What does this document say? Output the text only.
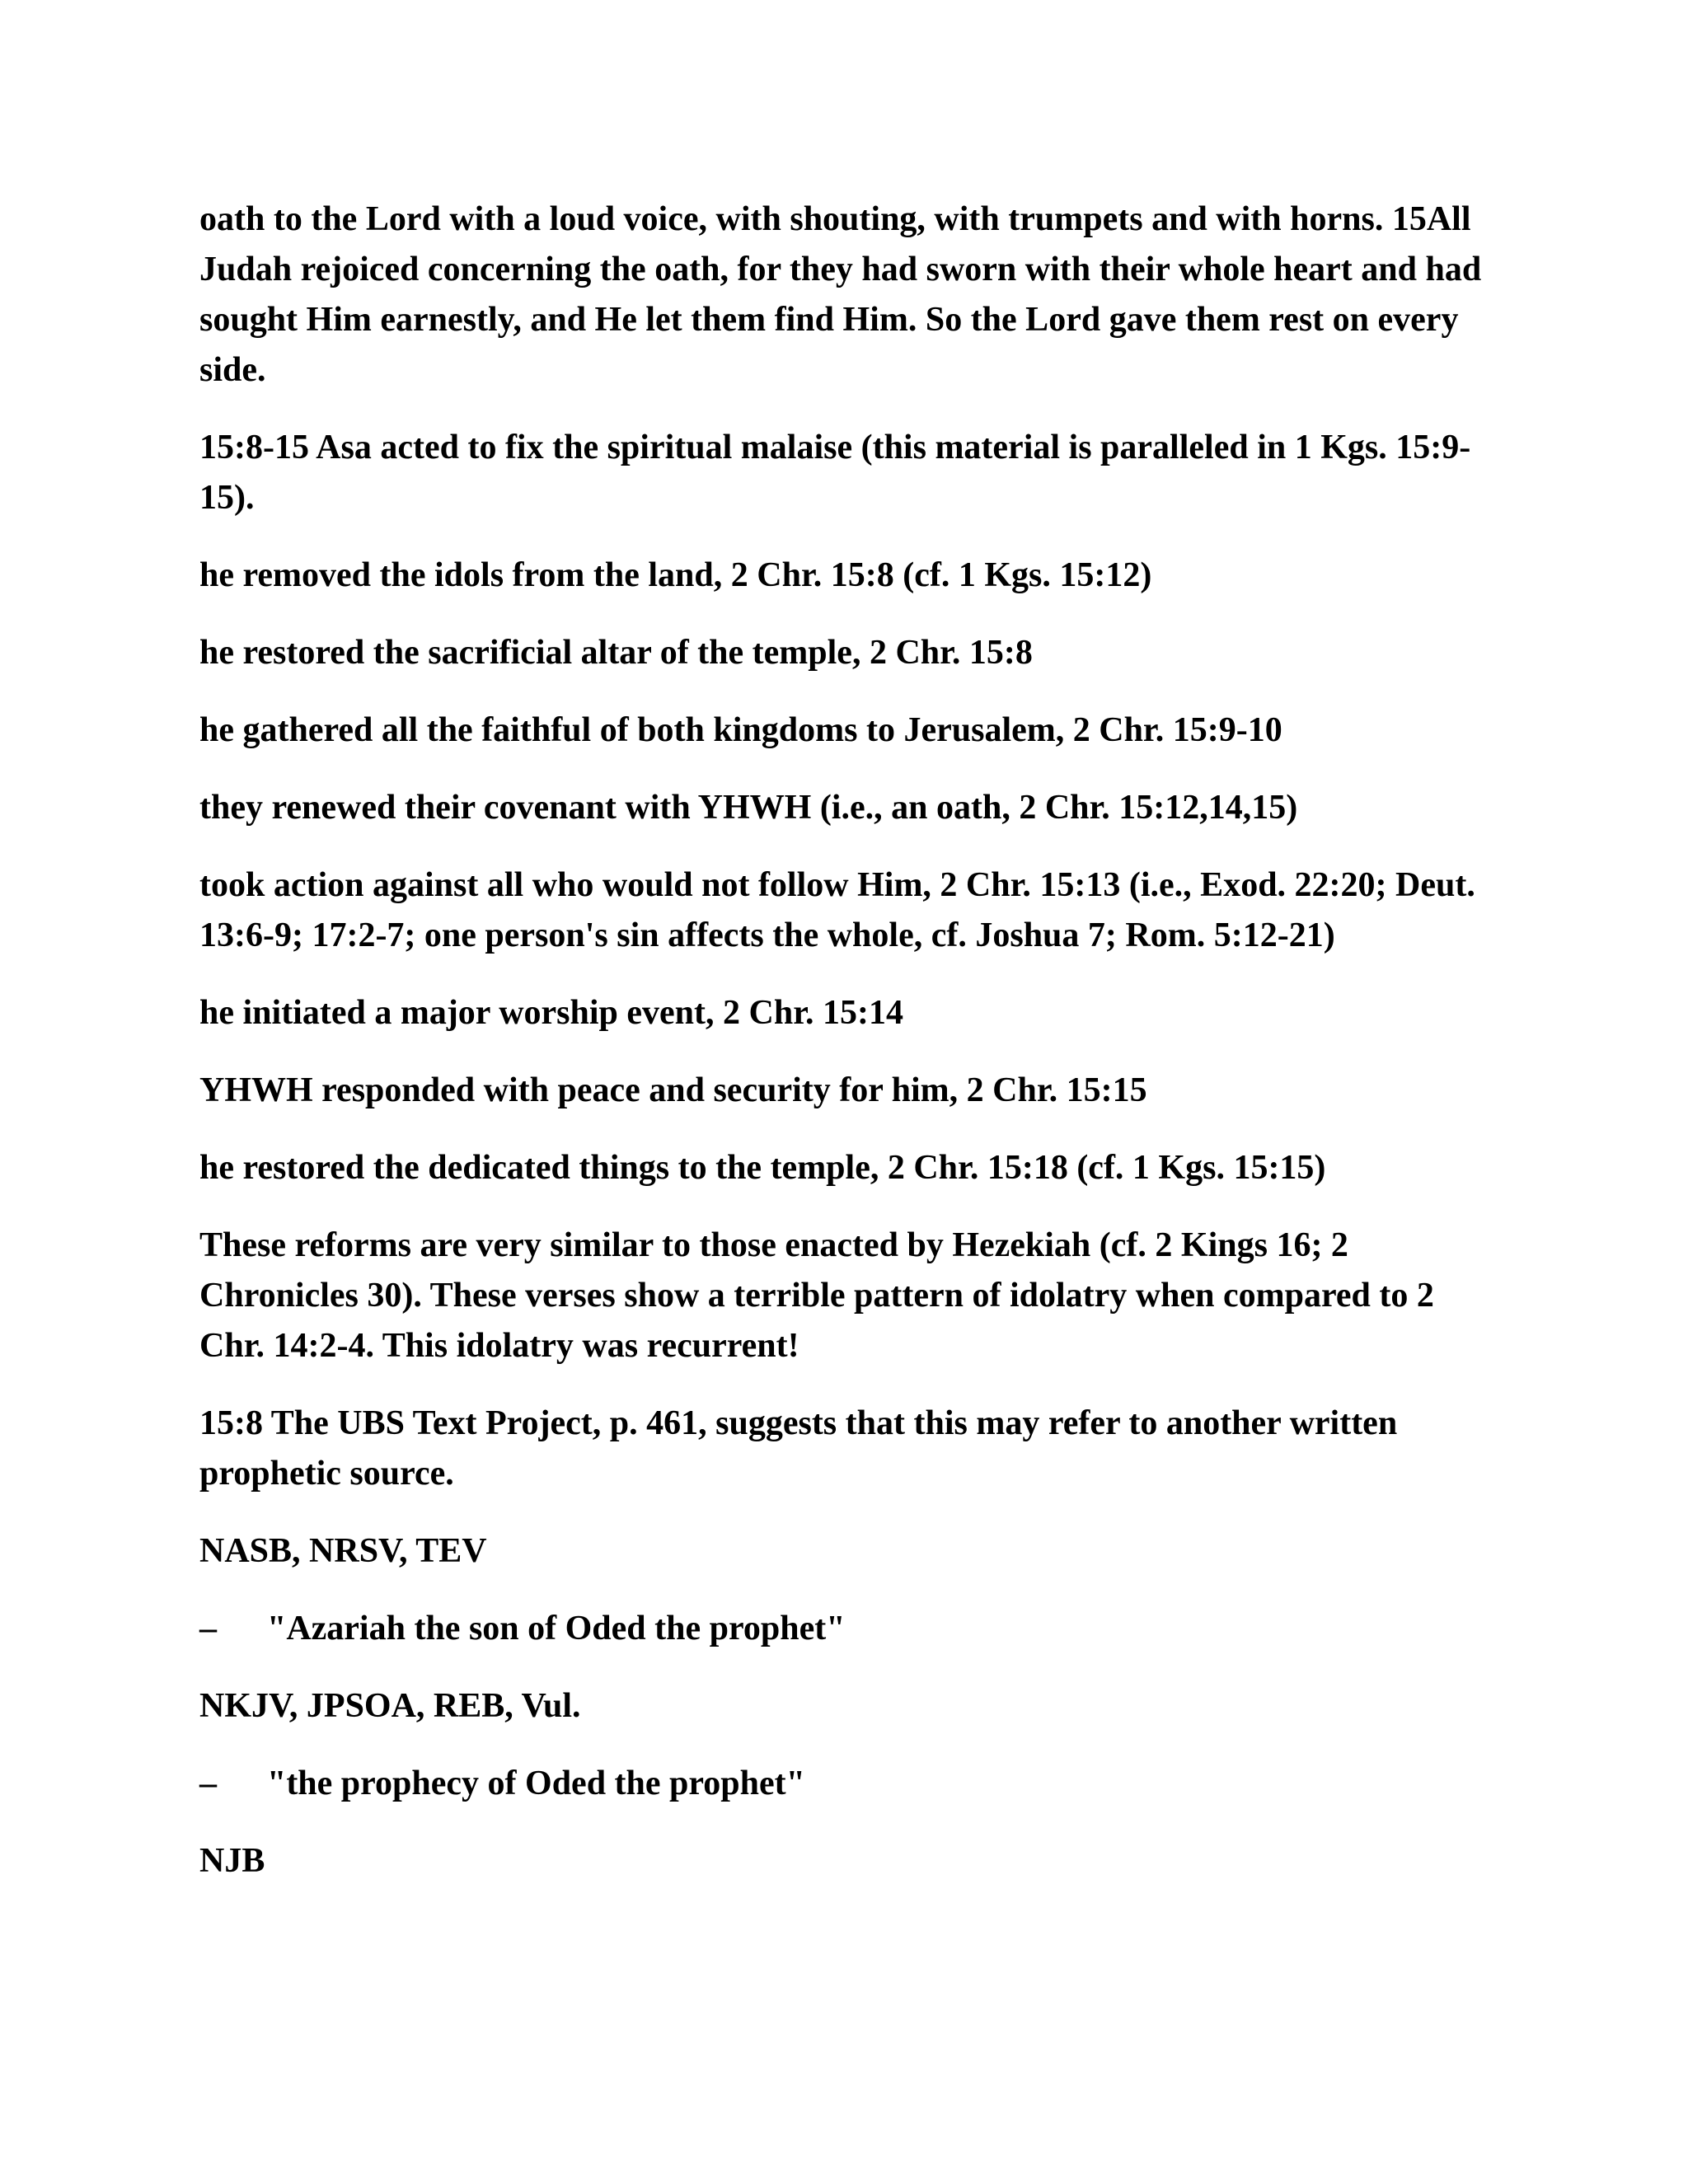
oath to the Lord with a loud voice, with shouting, with trumpets and with horns. 15All Judah rejoiced concerning the oath, for they had sworn with their whole heart and had sought Him earnestly, and He let them find Him. So the Lord gave them rest on every side.

15:8-15 Asa acted to fix the spiritual malaise (this material is paralleled in 1 Kgs. 15:9-15).

he removed the idols from the land, 2 Chr. 15:8 (cf. 1 Kgs. 15:12)

he restored the sacrificial altar of the temple, 2 Chr. 15:8

he gathered all the faithful of both kingdoms to Jerusalem, 2 Chr. 15:9-10

they renewed their covenant with YHWH (i.e., an oath, 2 Chr. 15:12,14,15)

took action against all who would not follow Him, 2 Chr. 15:13 (i.e., Exod. 22:20; Deut. 13:6-9; 17:2-7; one person's sin affects the whole, cf. Joshua 7; Rom. 5:12-21)

he initiated a major worship event, 2 Chr. 15:14

YHWH responded with peace and security for him, 2 Chr. 15:15

he restored the dedicated things to the temple, 2 Chr. 15:18 (cf. 1 Kgs. 15:15)

These reforms are very similar to those enacted by Hezekiah (cf. 2 Kings 16; 2 Chronicles 30). These verses show a terrible pattern of idolatry when compared to 2 Chr. 14:2-4. This idolatry was recurrent!

15:8 The UBS Text Project, p. 461, suggests that this may refer to another written prophetic source.

NASB, NRSV, TEV

–	"Azariah the son of Oded the prophet"

NKJV, JPSOA, REB, Vul.

–	"the prophecy of Oded the prophet"

NJB
